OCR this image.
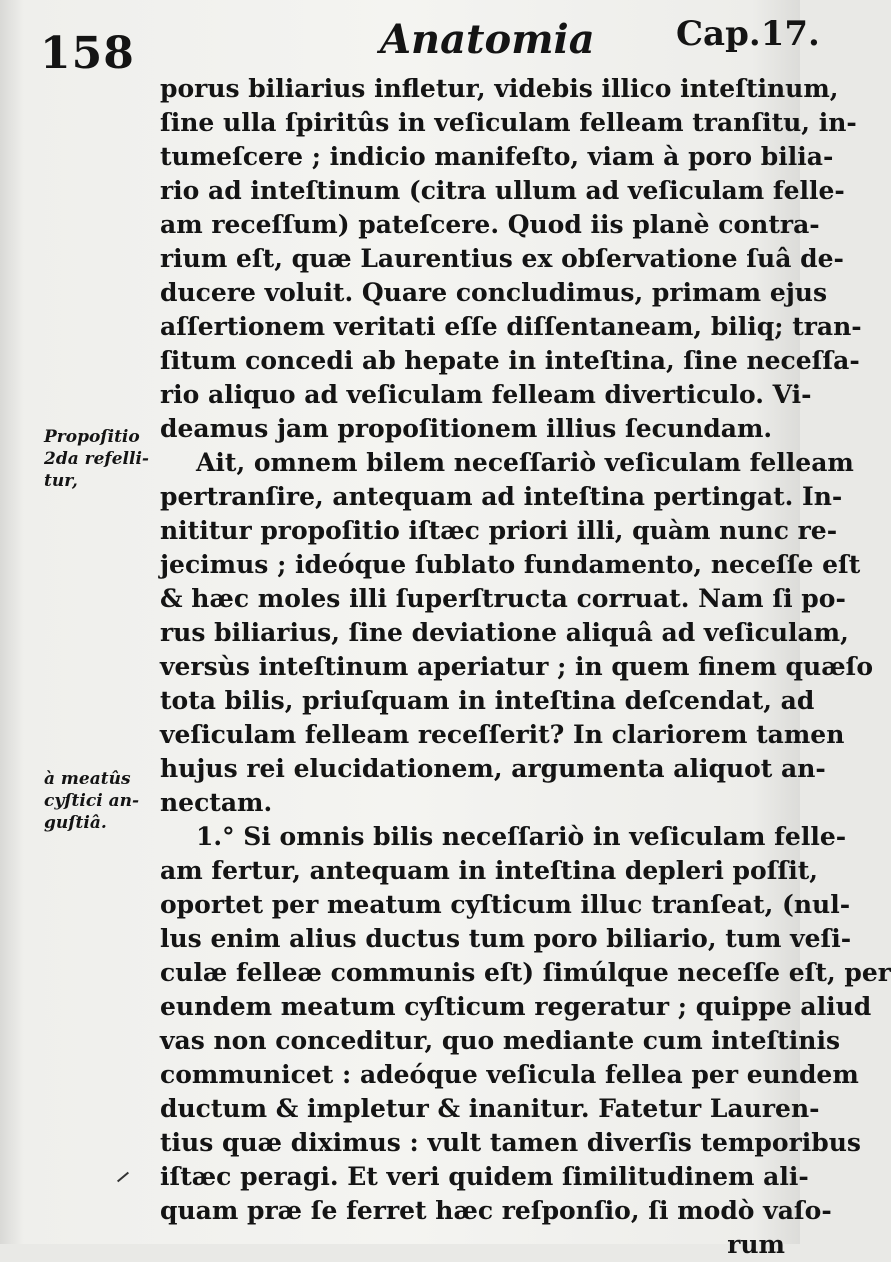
158	Anatomia Cap.17.
Propoſitio
2da refelli-
tur,
à meatûs
cyſtici an-
guſtiâ.
porus biliarius infletur, videbis illico inteſtinum,
ſine ulla ſpiritûs in veſiculam felleam tranſitu, in-
tumeſcere ; indicio manifeſto, viam à poro bilia-
rio ad inteſtinum (citra ullum ad veſiculam felle-
am receſſum) pateſcere. Quod iis planè contra-
rium eſt, quæ Laurentius ex obſervatione ſuâ de-
ducere voluit. Quare concludimus, primam ejus
aſſertionem veritati eſſe diſſentaneam, biliq; tran-
ſitum concedi ab hepate in inteſtina, ſine neceſſa-
rio aliquo ad veſiculam felleam diverticulo. Vi-
deamus jam propoſitionem illius ſecundam.
Ait, omnem bilem neceſſariò veſiculam felleam
pertranſire, antequam ad inteſtina pertingat. In-
nititur propoſitio iſtæc priori illi, quàm nunc re-
jecimus ; ideóque ſublato fundamento, neceſſe eſt
& hæc moles illi ſuperſtructa corruat. Nam ſi po-
rus biliarius, ſine deviatione aliquâ ad veſiculam,
versùs inteſtinum aperiatur ; in quem finem quæſo
tota bilis, priuſquam in inteſtina deſcendat, ad
veſiculam felleam receſſerit? In clariorem tamen
hujus rei elucidationem, argumenta aliquot an-
nectam.
1.° Si omnis bilis neceſſariò in veſiculam felle-
am fertur, antequam in inteſtina depleri poſſit,
oportet per meatum cyſticum illuc tranſeat, (nul-
lus enim alius ductus tum poro biliario, tum veſi-
culæ felleæ communis eſt) ſimúlque neceſſe eſt, per
eundem meatum cyſticum regeratur ; quippe aliud
vas non conceditur, quo mediante cum inteſtinis
communicet : adeóque veſicula fellea per eundem
ductum & impletur & inanitur. Fatetur Lauren-
tius quæ diximus : vult tamen diverſis temporibus
iſtæc peragi. Et veri quidem ſimilitudinem ali-
quam præ ſe ferret hæc reſponſio, ſi modò vaſo-
rum
